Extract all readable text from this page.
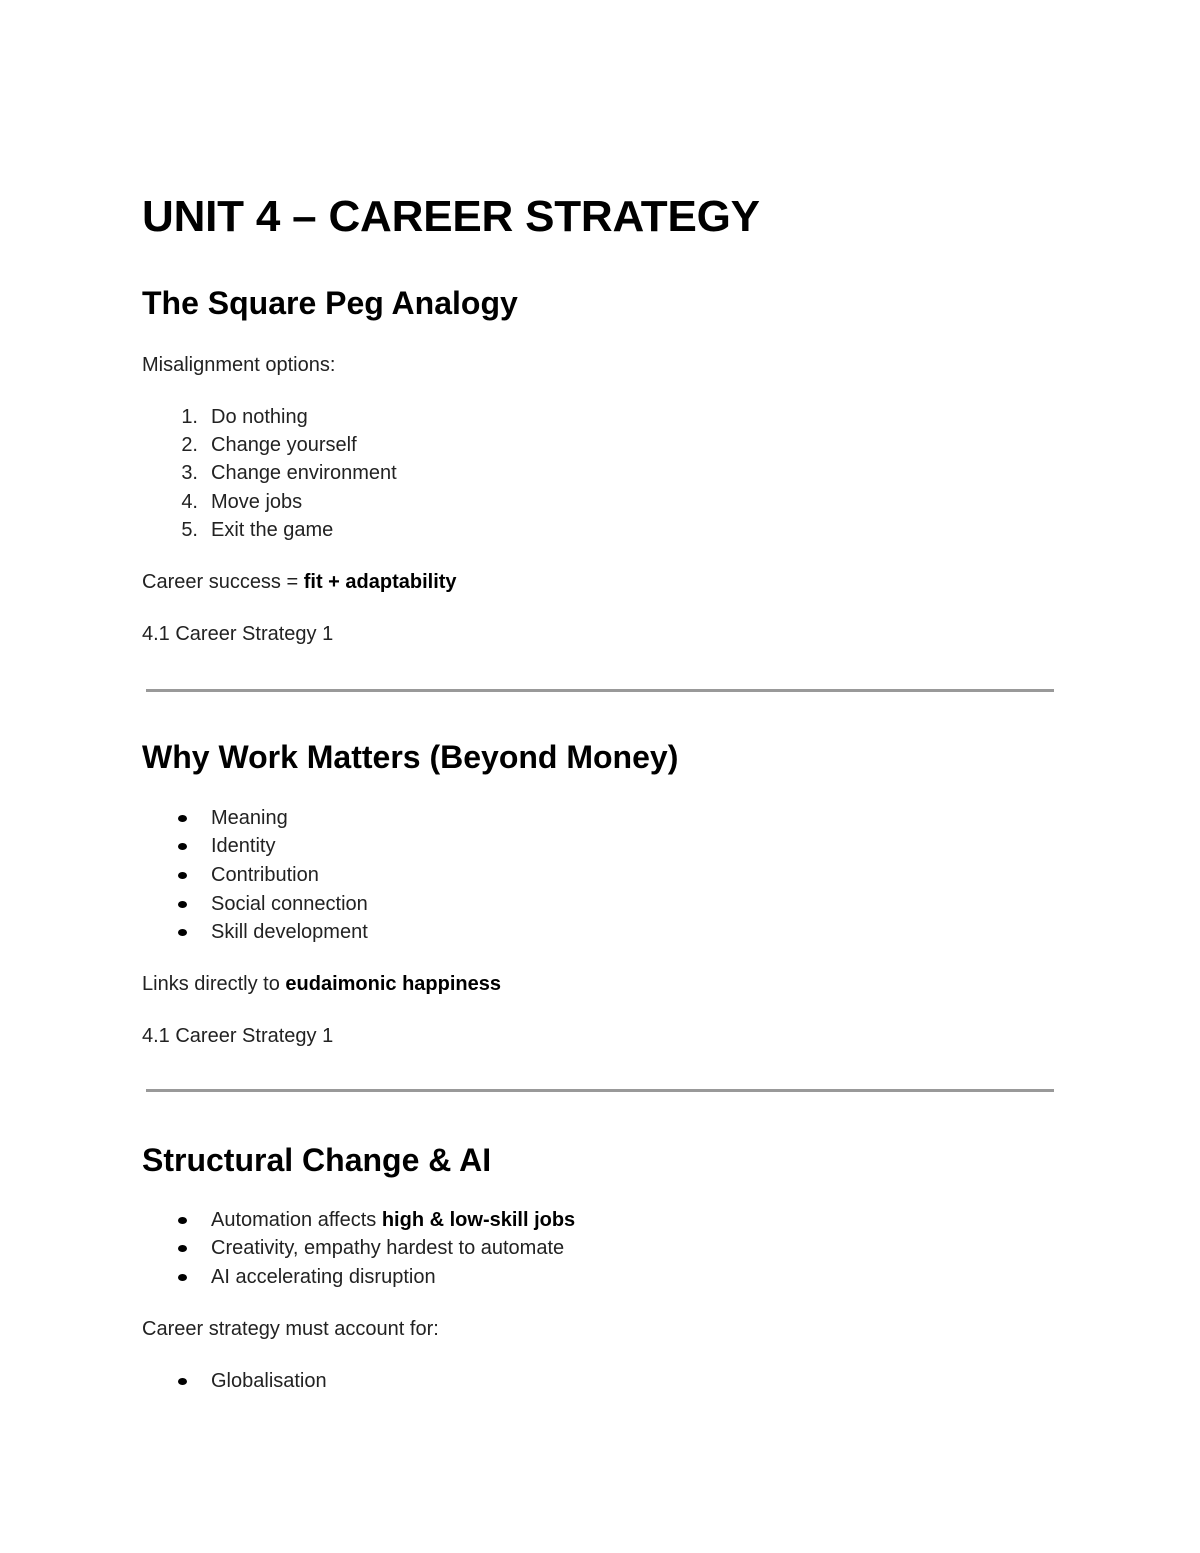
UNIT 4 – CAREER STRATEGY
The Square Peg Analogy

Misalignment options:

1. Do nothing
2. Change yourself
3. Change environment
4. Move jobs
5. Exit the game

Career success = fit + adaptability

4.1 Career Strategy 1

Why Work Matters (Beyond Money)
Meaning
Identity
Contribution
Social connection
Skill development

Links directly to eudaimonic happiness

4.1 Career Strategy 1

Structural Change & AI
Automation affects high & low-skill jobs
Creativity, empathy hardest to automate
AI accelerating disruption

Career strategy must account for:

Globalisation
